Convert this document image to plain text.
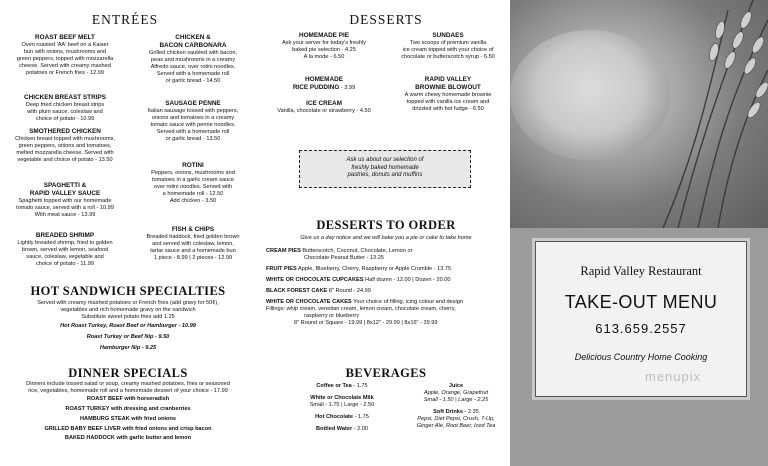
ENTRÉES
ROAST BEEF MELT
Oven roasted 'AA' beef on a Kaiser
bun with onions, mushrooms and
green peppers, topped with mozzarella
cheese. Served with creamy mashed
potatoes or French fries - 12.99
CHICKEN BREAST STRIPS
Deep fried chicken breast strips
with plum sauce, coleslaw and
choice of potato - 10.99
SMOTHERED CHICKEN
Chicken breast topped with mushrooms,
green peppers, onions and tomatoes,
melted mozzarella cheese. Served with
vegetable and choice of potato - 13.50
SPAGHETTI &
RAPID VALLEY SAUCE
Spaghetti topped with our homemade
tomato sauce, served with a roll - 10.99
With meat sauce - 13.99
BREADED SHRIMP
Lightly breaded shrimp, fried to golden
brown, served with lemon, seafood
sauce, coleslaw, vegetable and
choice of potato - 11.99
CHICKEN &
BACON CARBONARA
Grilled chicken sautéed with bacon,
peas and mushrooms in a creamy
Alfredo sauce, over rotini noodles.
Served with a homemade roll
or garlic bread - 14.50
SAUSAGE PENNE
Italian sausage tossed with peppers,
onions and tomatoes in a creamy
tomato sauce with penne noodles.
Served with a homemade roll
or garlic bread - 13.50
ROTINI
Peppers, onions, mushrooms and
tomatoes in a garlic cream sauce
over rotini noodles. Served with
a homemade roll - 12.50
Add chicken - 3.50
FISH & CHIPS
Breaded haddock, fried golden brown
and served with coleslaw, lemon,
tartar sauce and a homemade bun
1 piece - 8.99 | 2 pieces - 12.99
HOT SANDWICH SPECIALTIES
Served with creamy mashed potatoes or French fries (add gravy for 50¢),
vegetables and rich homemade gravy on the sandwich
Substitute sweet potato fries add 1.25
Hot Roast Turkey, Roast Beef or Hamburger - 10.99
Roast Turkey or Beef Nip - 9.50
Hamburger Nip - 9.25
DINNER SPECIALS
Dinners include tossed salad or soup, creamy mashed potatoes, fries or seasoned
rice, vegetables, homemade roll and a homemade dessert of your choice - 17.99
ROAST BEEF with horseradish
ROAST TURKEY with dressing and cranberries
HAMBURG STEAK with fried onions
GRILLED BABY BEEF LIVER with fried onions and crisp bacon
BAKED HADDOCK with garlic butter and lemon
DESSERTS
HOMEMADE PIE
Ask your server for today's freshly
baked pie selection - 4.25
A la mode - 6.50
SUNDAES
Two scoops of premium vanilla
ice cream topped with your choice of
chocolate or butterscotch syrup - 6.50
HOMEMADE
RICE PUDDING - 3.99
RAPID VALLEY
BROWNIE BLOWOUT
A warm chewy homemade brownie
topped with vanilla ice cream and
drizzled with hot fudge - 6.50
ICE CREAM
Vanilla, chocolate or strawberry - 4.50
Ask us about our selection of
freshly baked homemade
pastries, donuts and muffins
DESSERTS TO ORDER
Give us a day notice and we will bake you a pie or cake to take home
CREAM PIES Butterscotch, Coconut, Chocolate, Lemon or
Chocolate Peanut Butter - 13.25
FRUIT PIES Apple, Blueberry, Cherry, Raspberry or Apple Crumble - 13.75
WHITE OR CHOCOLATE CUPCAKES Half dozen - 12.00 | Dozen - 20.00
BLACK FOREST CAKE 8" Round - 24.99
WHITE OR CHOCOLATE CAKES Your choice of filling, icing colour and design
Fillings: whip cream, venetian cream, lemon cream, chocolate cream, cherry,
raspberry or blueberry
8" Round or Square - 19.99 | 8x12" - 29.99 | 8x16" - 39.99
BEVERAGES
Coffee or Tea - 1.75
White or Chocolate Milk
Small - 1.75 | Large - 2.50
Hot Chocolate - 1.75
Bottled Water - 2.00
Juice
Apple, Orange, Grapefruit
Small - 1.50 | Large - 2.25
Soft Drinks - 2.35
Pepsi, Diet Pepsi, Crush, 7-Up,
Ginger Ale, Root Beer, Iced Tea
Rapid Valley Restaurant
TAKE-OUT MENU
613.659.2557
Delicious Country Home Cooking
menupix
